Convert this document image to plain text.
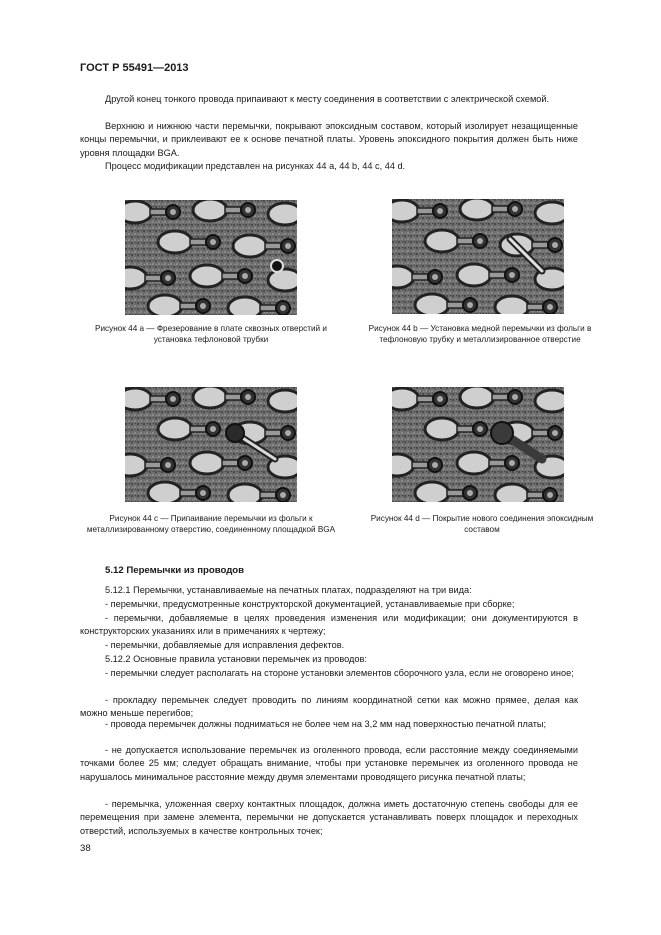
ГОСТ Р 55491—2013

Другой конец тонкого провода припаивают к месту соединения в соответствии с электрической схемой.

Верхнюю и нижнюю части перемычки, покрывают эпоксидным составом, который изолирует незащищенные концы перемычки, и приклеивают ее к основе печатной платы. Уровень эпоксидного покрытия должен быть ниже уровня площадки BGA.

Процесс модификации представлен на рисунках 44 a, 44 b, 44 c, 44 d.

Рисунок 44 a — Фрезерование в плате сквозных отверстий и установка тефлоновой трубки
Рисунок 44 b — Установка медной перемычки из фольги в тефлоновую трубку и металлизированное отверстие
Рисунок 44 c — Припаивание перемычки из фольги к металлизированному отверстию, соединенному площадкой BGA
Рисунок 44 d — Покрытие нового соединения эпоксидным составом
5.12 Перемычки из проводов

5.12.1 Перемычки, устанавливаемые на печатных платах, подразделяют на три вида:

- перемычки, предусмотренные конструкторской документацией, устанавливаемые при сборке;

- перемычки, добавляемые в целях проведения изменения или модификации; они документируются в конструкторских указаниях или в примечаниях к чертежу;

- перемычки, добавляемые для исправления дефектов.

5.12.2 Основные правила установки перемычек из проводов:

- перемычки следует располагать на стороне установки элементов сборочного узла, если не оговорено иное;

- прокладку перемычек следует проводить по линиям координатной сетки как можно прямее, делая как можно меньше перегибов;

- провода перемычек должны подниматься не более чем на 3,2 мм над поверхностью печатной платы;

- не допускается использование перемычек из оголенного провода, если расстояние между соединяемыми точками более 25 мм; следует обращать внимание, чтобы при установке перемычек из оголенного провода не нарушалось минимальное расстояние между двумя элементами проводящего рисунка печатной платы;

- перемычка, уложенная сверху контактных площадок, должна иметь достаточную степень свободы для ее перемещения при замене элемента, перемычки не допускается устанавливать поверх площадок и переходных отверстий, используемых в качестве контрольных точек;

38
